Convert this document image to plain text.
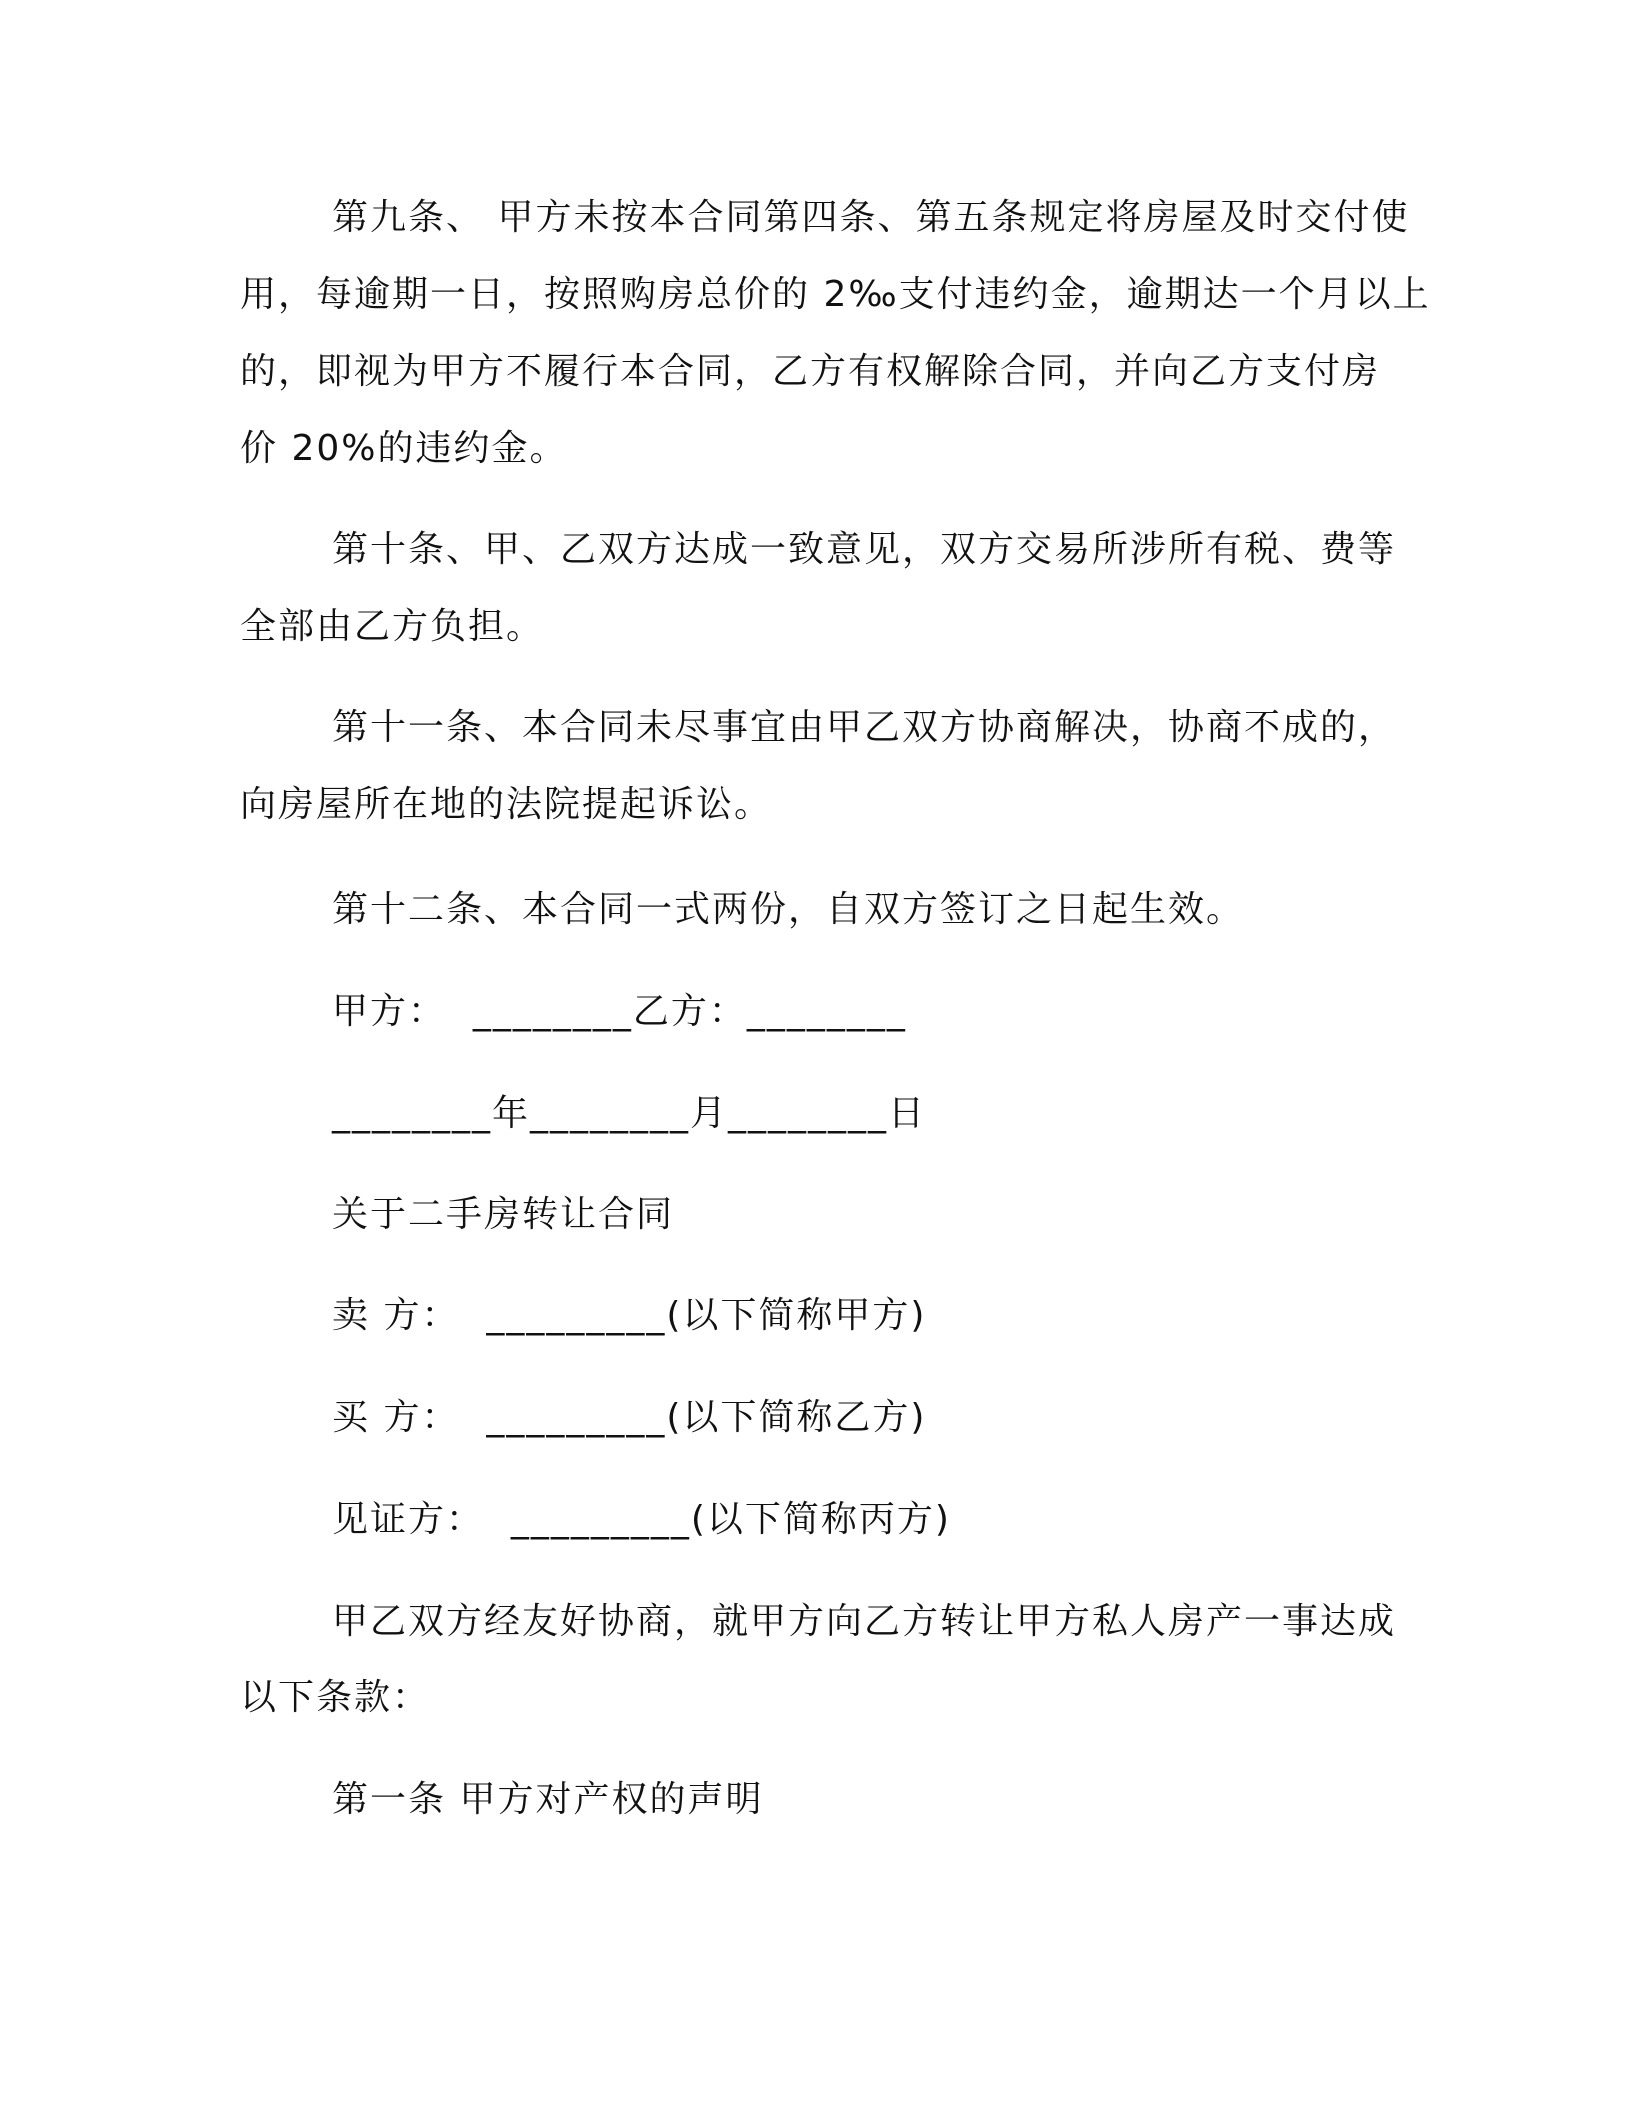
第九条、 甲方未按本合同第四条、第五条规定将房屋及时交付使
用，每逾期一日，按照购房总价的 2‰支付违约金，逾期达一个月以上
的，即视为甲方不履行本合同，乙方有权解除合同，并向乙方支付房
价 20%的违约金。
第十条、甲、乙双方达成一致意见，双方交易所涉所有税、费等
全部由乙方负担。
第十一条、本合同未尽事宜由甲乙双方协商解决，协商不成的，
向房屋所在地的法院提起诉讼。
第十二条、本合同一式两份，自双方签订之日起生效。
甲方：  ________乙方：________
________年________月________日
关于二手房转让合同
卖 方：  _________(以下简称甲方)
买 方：  _________(以下简称乙方)
见证方：  _________(以下简称丙方)
甲乙双方经友好协商，就甲方向乙方转让甲方私人房产一事达成
以下条款：
第一条 甲方对产权的声明
